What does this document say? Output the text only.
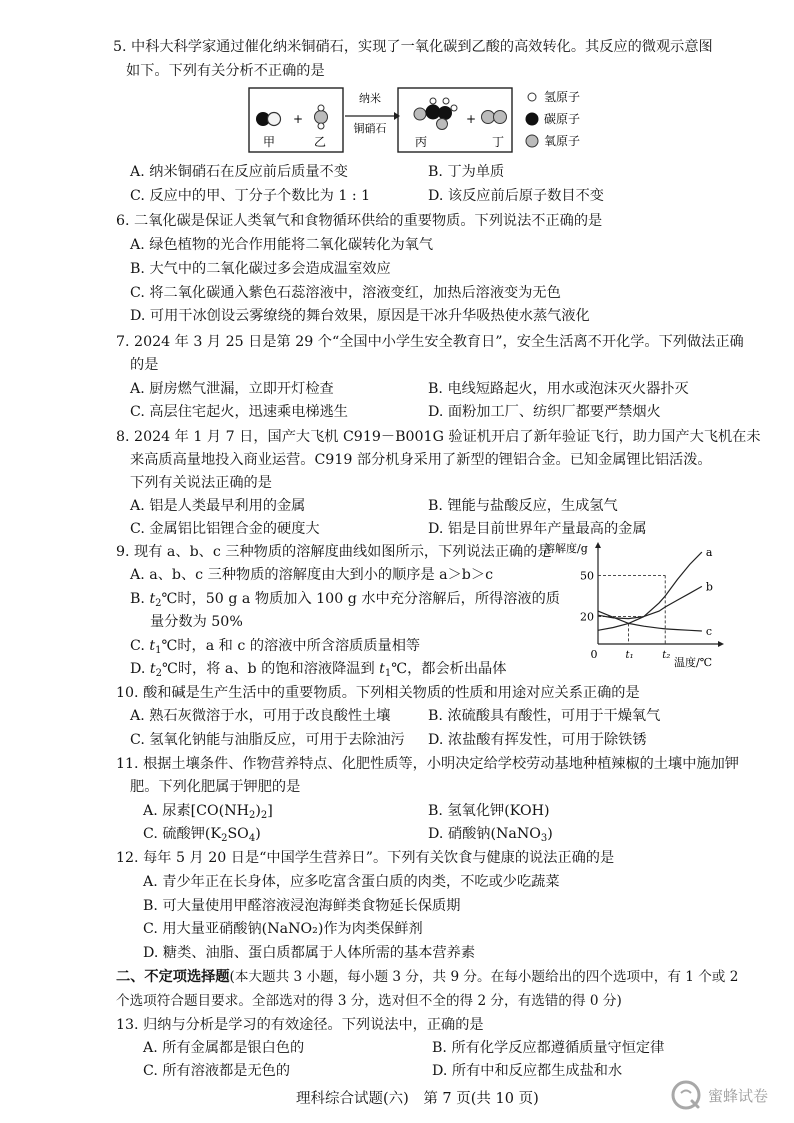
5. 中科大科学家通过催化纳米铜硝石，实现了一氧化碳到乙酸的高效转化。其反应的微观示意图
如下。下列有关分析不正确的是
纳米
铜硝石
+
甲	乙
+
丙	丁
氢原子
碳原子
氧原子
A. 纳米铜硝石在反应前后质量不变	B. 丁为单质
C. 反应中的甲、丁分子个数比为 1 : 1	D. 该反应前后原子数目不变
6. 二氧化碳是保证人类氧气和食物循环供给的重要物质。下列说法不正确的是
A. 绿色植物的光合作用能将二氧化碳转化为氧气
B. 大气中的二氧化碳过多会造成温室效应
C. 将二氧化碳通入紫色石蕊溶液中，溶液变红，加热后溶液变为无色
D. 可用干冰创设云雾缭绕的舞台效果，原因是干冰升华吸热使水蒸气液化
7. 2024 年 3 月 25 日是第 29 个“全国中小学生安全教育日”，安全生活离不开化学。下列做法正确
的是
A. 厨房燃气泄漏，立即开灯检查	B. 电线短路起火，用水或泡沫灭火器扑灭
C. 高层住宅起火，迅速乘电梯逃生	D. 面粉加工厂、纺织厂都要严禁烟火
8. 2024 年 1 月 7 日，国产大飞机 C919－B001G 验证机开启了新年验证飞行，助力国产大飞机在未
来高质高量地投入商业运营。C919 部分机身采用了新型的锂铝合金。已知金属锂比铝活泼。
下列有关说法正确的是
A. 铝是人类最早利用的金属	B. 锂能与盐酸反应，生成氢气
C. 金属铝比铝锂合金的硬度大	D. 铝是目前世界年产量最高的金属
9. 现有 a、b、c 三种物质的溶解度曲线如图所示，下列说法正确的是
A. a、b、c 三种物质的溶解度由大到小的顺序是 a＞b＞c
B. $t_2℃$时，50 g a 物质加入 100 g 水中充分溶解后，所得溶液的质
量分数为 50%
C. $t_1℃$时，a 和 c 的溶液中所含溶质质量相等
D. $t_2℃$时，将 a、b 的饱和溶液降温到 $t_1℃$，都会析出晶体
溶解度/g
温度/℃
0
20
50
t₁	t₂
a
b
c
10. 酸和碱是生产生活中的重要物质。下列相关物质的性质和用途对应关系正确的是
A. 熟石灰微溶于水，可用于改良酸性土壤	B. 浓硫酸具有酸性，可用于干燥氧气
C. 氢氧化钠能与油脂反应，可用于去除油污 D. 浓盐酸有挥发性，可用于除铁锈
11. 根据土壤条件、作物营养特点、化肥性质等，小明决定给学校劳动基地种植辣椒的土壤中施加钾
肥。下列化肥属于钾肥的是
A. 尿素$[CO(NH_2)_2]$	B. 氢氧化钾(KOH)
C. 硫酸钾$(K_2SO_4)$	D. 硝酸钠(NaNO$_3$)
12. 每年 5 月 20 日是“中国学生营养日”。下列有关饮食与健康的说法正确的是
A. 青少年正在长身体，应多吃富含蛋白质的肉类，不吃或少吃蔬菜
B. 可大量使用甲醛溶液浸泡海鲜类食物延长保质期
C. 用大量亚硝酸钠(NaNO₂)作为肉类保鲜剂
D. 糖类、油脂、蛋白质都属于人体所需的基本营养素
二、不定项选择题(本大题共 3 小题，每小题 3 分，共 9 分。在每小题给出的四个选项中，有 1 个或 2
个选项符合题目要求。全部选对的得 3 分，选对但不全的得 2 分，有选错的得 0 分)
13. 归纳与分析是学习的有效途径。下列说法中，正确的是
A. 所有金属都是银白色的	B. 所有化学反应都遵循质量守恒定律
C. 所有溶液都是无色的	D. 所有中和反应都生成盐和水
理科综合试题(六)　第 7 页(共 10 页)	蜜蜂试卷
